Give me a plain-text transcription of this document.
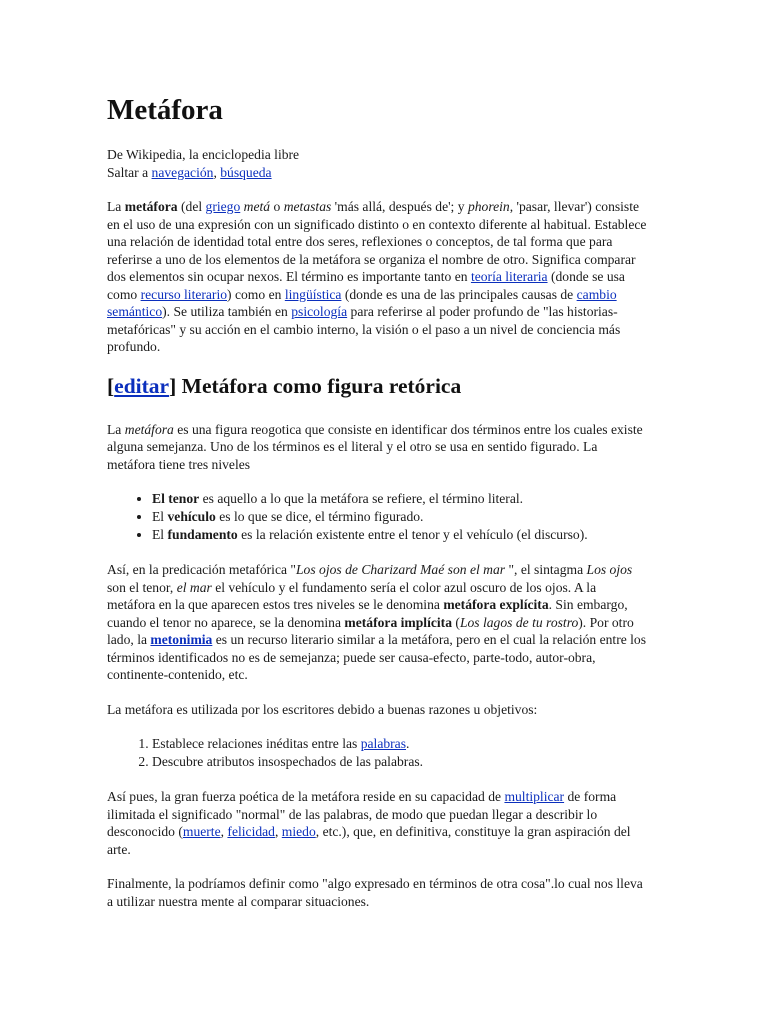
Metáfora
De Wikipedia, la enciclopedia libre
Saltar a navegación, búsqueda

La metáfora (del griego metá o metastas 'más allá, después de'; y phorein, 'pasar, llevar') consiste en el uso de una expresión con un significado distinto o en contexto diferente al habitual. Establece una relación de identidad total entre dos seres, reflexiones o conceptos, de tal forma que para referirse a uno de los elementos de la metáfora se organiza el nombre de otro. Significa comparar dos elementos sin ocupar nexos. El término es importante tanto en teoría literaria (donde se usa como recurso literario) como en lingüística (donde es una de las principales causas de cambio semántico). Se utiliza también en psicología para referirse al poder profundo de "las historias-metafóricas" y su acción en el cambio interno, la visión o el paso a un nivel de conciencia más profundo.

[editar] Metáfora como figura retórica

La metáfora es una figura reogotica que consiste en identificar dos términos entre los cuales existe alguna semejanza. Uno de los términos es el literal y el otro se usa en sentido figurado. La metáfora tiene tres niveles

• El tenor es aquello a lo que la metáfora se refiere, el término literal.
• El vehículo es lo que se dice, el término figurado.
• El fundamento es la relación existente entre el tenor y el vehículo (el discurso).

Así, en la predicación metafórica "Los ojos de Charizard Maé son el mar ", el sintagma Los ojos son el tenor, el mar el vehículo y el fundamento sería el color azul oscuro de los ojos. A la metáfora en la que aparecen estos tres niveles se le denomina metáfora explícita. Sin embargo, cuando el tenor no aparece, se la denomina metáfora implícita (Los lagos de tu rostro). Por otro lado, la metonimia es un recurso literario similar a la metáfora, pero en el cual la relación entre los términos identificados no es de semejanza; puede ser causa-efecto, parte-todo, autor-obra, continente-contenido, etc.

La metáfora es utilizada por los escritores debido a buenas razones u objetivos:

1. Establece relaciones inéditas entre las palabras.
2. Descubre atributos insospechados de las palabras.

Así pues, la gran fuerza poética de la metáfora reside en su capacidad de multiplicar de forma ilimitada el significado "normal" de las palabras, de modo que puedan llegar a describir lo desconocido (muerte, felicidad, miedo, etc.), que, en definitiva, constituye la gran aspiración del arte.

Finalmente, la podríamos definir como "algo expresado en términos de otra cosa".lo cual nos lleva a utilizar nuestra mente al comparar situaciones.
